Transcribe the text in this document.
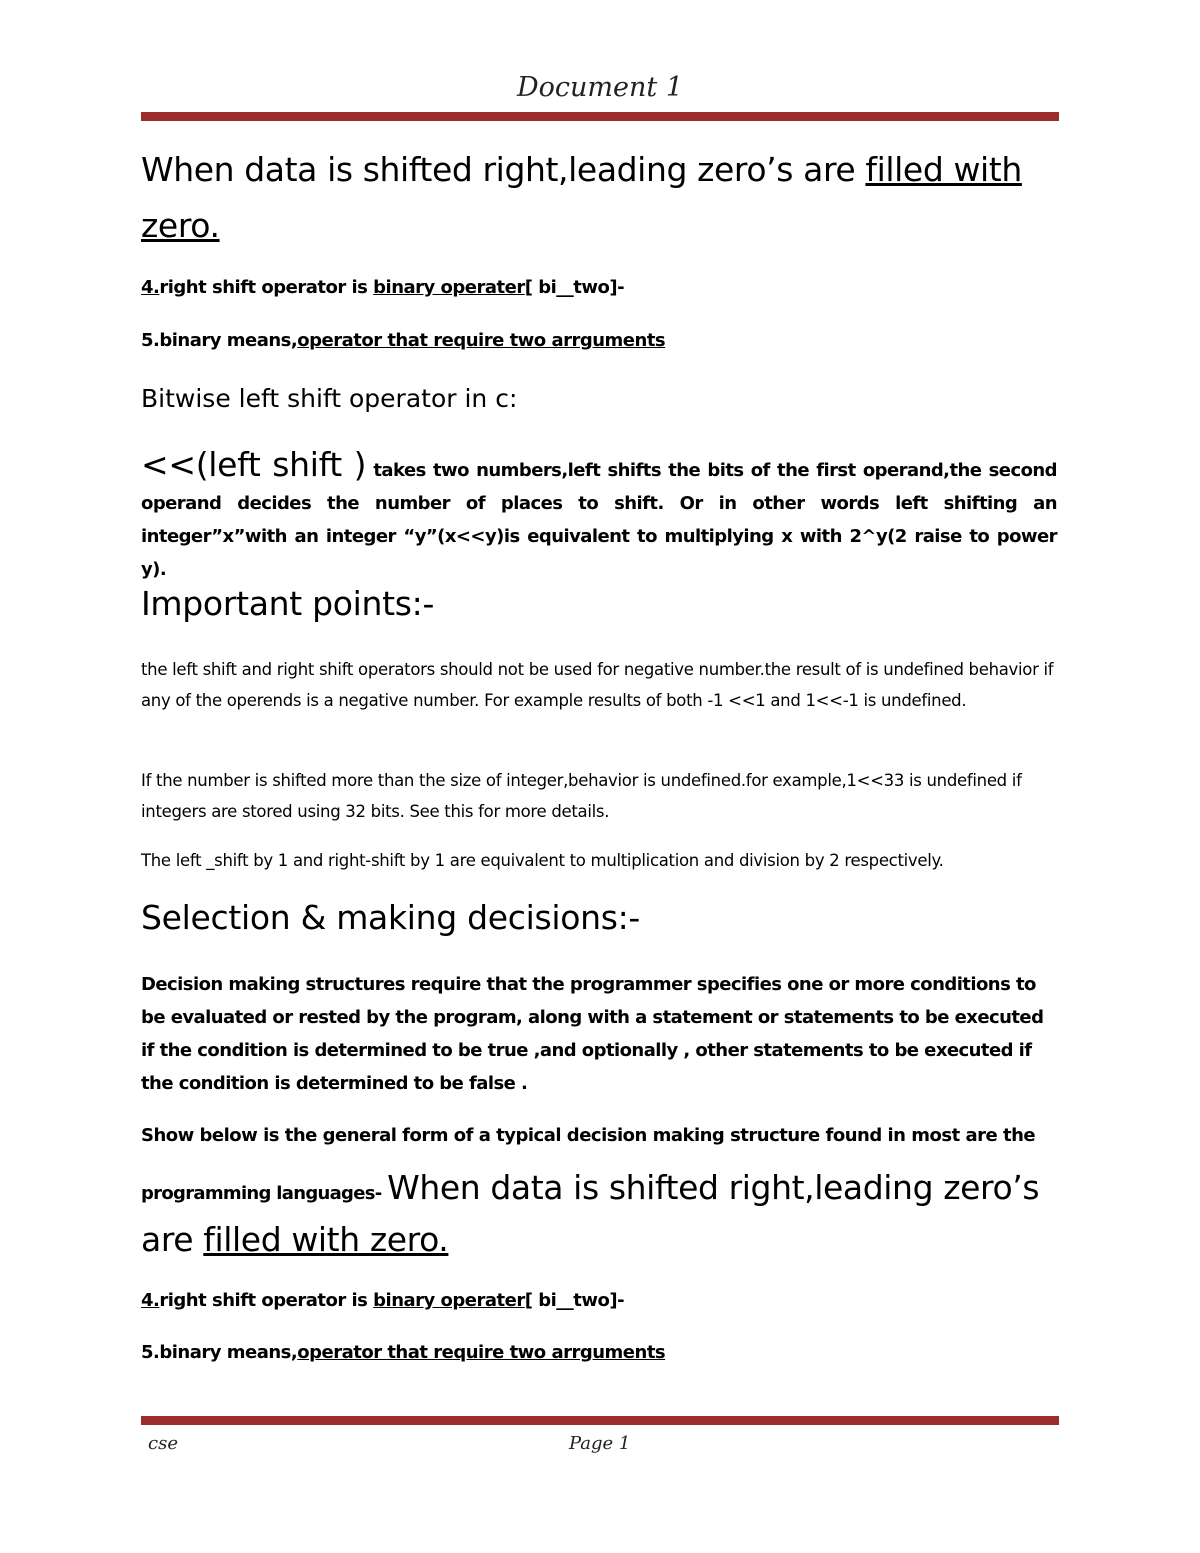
Document 1
When data is shifted right,leading zero’s are filled with
zero.
4.right shift operator is binary operater[ bi__two]-
5.binary means,operator that require two arrguments
Bitwise left shift operator in c:
<<(left shift ) takes two numbers,left shifts the bits of the first operand,the second operand decides the number of places to shift. Or in other words left shifting an integer”x”with an integer “y”(x<<y)is equivalent to multiplying x with 2^y(2 raise to power y).
Important points:-
the left shift and right shift operators should not be used for negative number.the result of is undefined behavior if any of the operends is a negative number. For example results of both -1 <<1 and 1<<-1 is undefined.
If the number is shifted more than the size of integer,behavior is undefined.for example,1<<33 is undefined if integers are stored using 32 bits. See this for more details.
The left _shift by 1 and right-shift by 1 are equivalent to multiplication and division by 2 respectively.
Selection & making decisions:-
Decision making structures require that the programmer specifies one or more conditions to be evaluated or rested by the program, along with a statement or statements to be executed if the condition is determined to be true ,and optionally , other statements to be executed if the condition is determined to be false .
Show below is the general form of a typical decision making structure found in most are the
programming languages- When data is shifted right,leading zero’s
are filled with zero.
4.right shift operator is binary operater[ bi__two]-
5.binary means,operator that require two arrguments
cse	Page 1
